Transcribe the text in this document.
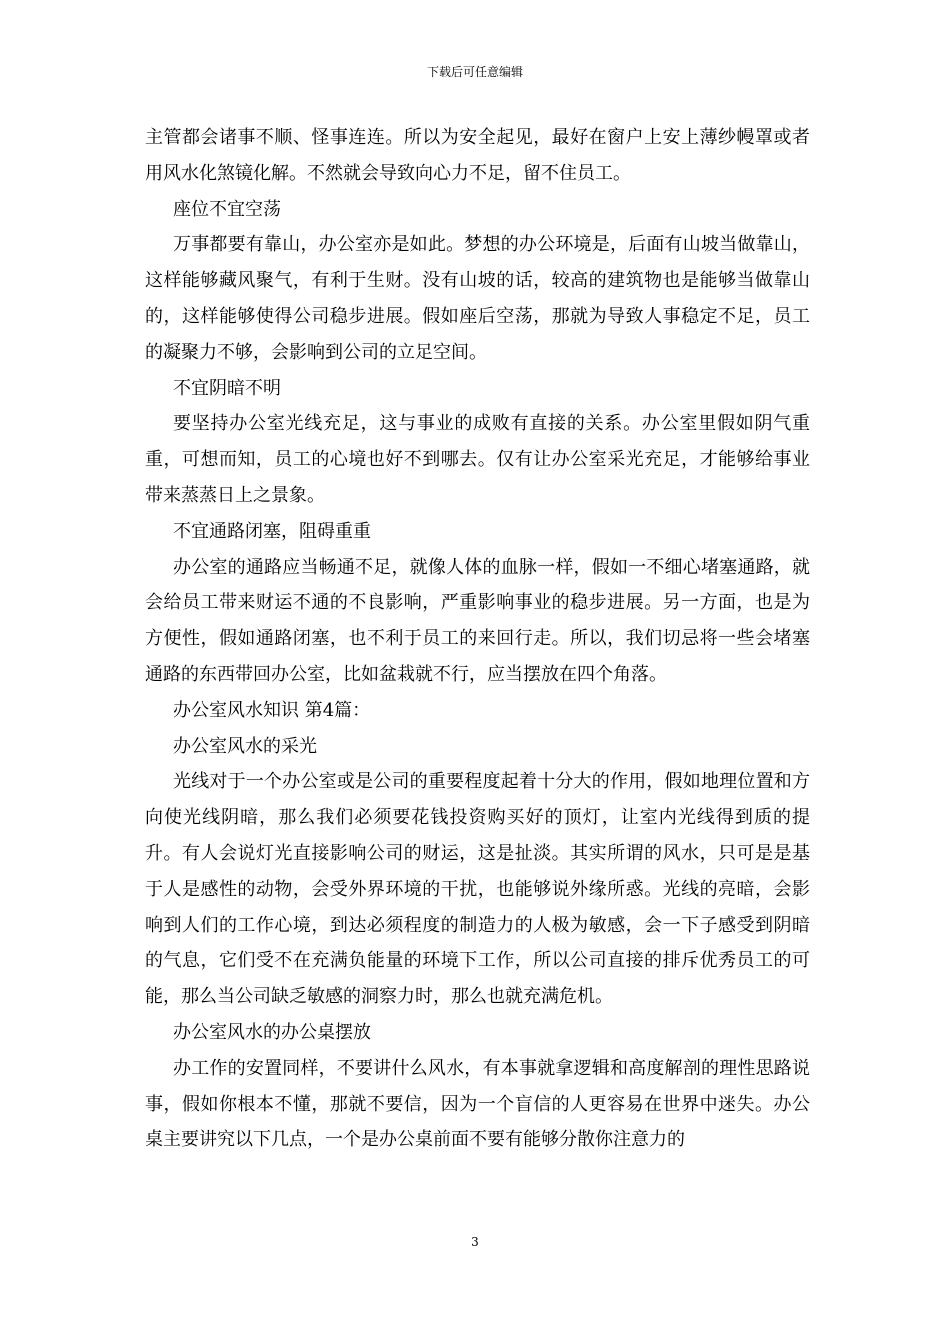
下载后可任意编辑

主管都会诸事不顺、怪事连连。所以为安全起见，最好在窗户上安上薄纱幔罩或者用风水化煞镜化解。不然就会导致向心力不足，留不住员工。

座位不宜空荡

万事都要有靠山，办公室亦是如此。梦想的办公环境是，后面有山坡当做靠山，这样能够藏风聚气，有利于生财。没有山坡的话，较高的建筑物也是能够当做靠山的，这样能够使得公司稳步进展。假如座后空荡，那就为导致人事稳定不足，员工的凝聚力不够，会影响到公司的立足空间。

不宜阴暗不明

要坚持办公室光线充足，这与事业的成败有直接的关系。办公室里假如阴气重重，可想而知，员工的心境也好不到哪去。仅有让办公室采光充足，才能够给事业带来蒸蒸日上之景象。

不宜通路闭塞，阻碍重重

办公室的通路应当畅通不足，就像人体的血脉一样，假如一不细心堵塞通路，就会给员工带来财运不通的不良影响，严重影响事业的稳步进展。另一方面，也是为方便性，假如通路闭塞，也不利于员工的来回行走。所以，我们切忌将一些会堵塞通路的东西带回办公室，比如盆栽就不行，应当摆放在四个角落。

办公室风水知识 第4篇：

办公室风水的采光

光线对于一个办公室或是公司的重要程度起着十分大的作用，假如地理位置和方向使光线阴暗，那么我们必须要花钱投资购买好的顶灯，让室内光线得到质的提升。有人会说灯光直接影响公司的财运，这是扯淡。其实所谓的风水，只可是是基于人是感性的动物，会受外界环境的干扰，也能够说外缘所惑。光线的亮暗，会影响到人们的工作心境，到达必须程度的制造力的人极为敏感，会一下子感受到阴暗的气息，它们受不在充满负能量的环境下工作，所以公司直接的排斥优秀员工的可能，那么当公司缺乏敏感的洞察力时，那么也就充满危机。

办公室风水的办公桌摆放

办工作的安置同样，不要讲什么风水，有本事就拿逻辑和高度解剖的理性思路说事，假如你根本不懂，那就不要信，因为一个盲信的人更容易在世界中迷失。办公桌主要讲究以下几点，一个是办公桌前面不要有能够分散你注意力的

3
